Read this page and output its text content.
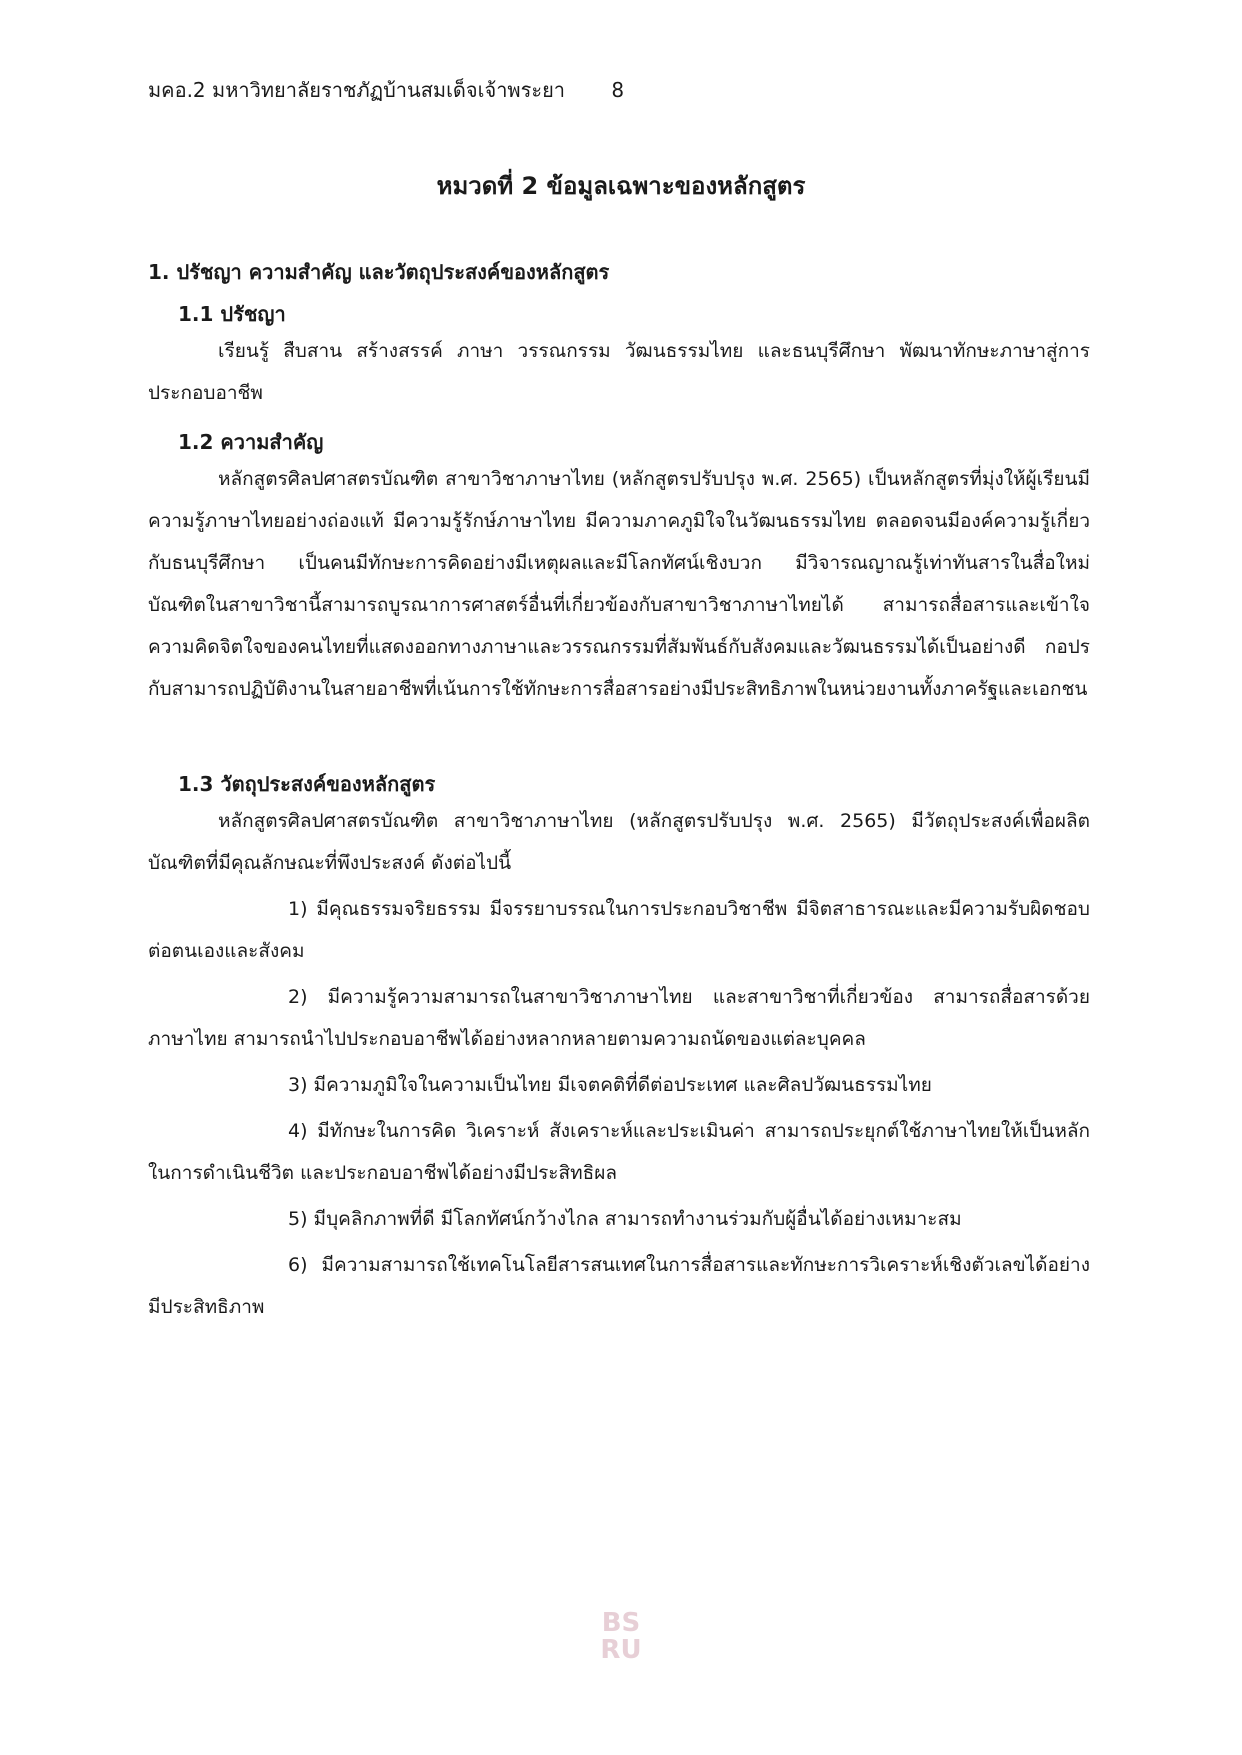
มคอ.2 มหาวิทยาลัยราชภัฏบ้านสมเด็จเจ้าพระยา 8
หมวดที่ 2 ข้อมูลเฉพาะของหลักสูตร
1. ปรัชญา ความสำคัญ และวัตถุประสงค์ของหลักสูตร
1.1 ปรัชญา
เรียนรู้ สืบสาน สร้างสรรค์ ภาษา วรรณกรรม วัฒนธรรมไทย และธนบุรีศึกษา พัฒนาทักษะภาษาสู่การประกอบอาชีพ
1.2 ความสำคัญ
หลักสูตรศิลปศาสตรบัณฑิต สาขาวิชาภาษาไทย (หลักสูตรปรับปรุง พ.ศ. 2565) เป็นหลักสูตรที่มุ่งให้ผู้เรียนมีความรู้ภาษาไทยอย่างถ่องแท้ มีความรู้รักษ์ภาษาไทย มีความภาคภูมิใจในวัฒนธรรมไทย ตลอดจนมีองค์ความรู้เกี่ยวกับธนบุรีศึกษา เป็นคนมีทักษะการคิดอย่างมีเหตุผลและมีโลกทัศน์เชิงบวก มีวิจารณญาณรู้เท่าทันสารในสื่อใหม่ บัณฑิตในสาขาวิชานี้สามารถบูรณาการศาสตร์อื่นที่เกี่ยวข้องกับสาขาวิชาภาษาไทยได้ สามารถสื่อสารและเข้าใจความคิดจิตใจของคนไทยที่แสดงออกทางภาษาและวรรณกรรมที่สัมพันธ์กับสังคมและวัฒนธรรมได้เป็นอย่างดี กอปรกับสามารถปฏิบัติงานในสายอาชีพที่เน้นการใช้ทักษะการสื่อสารอย่างมีประสิทธิภาพในหน่วยงานทั้งภาครัฐและเอกชน
1.3 วัตถุประสงค์ของหลักสูตร
หลักสูตรศิลปศาสตรบัณฑิต สาขาวิชาภาษาไทย (หลักสูตรปรับปรุง พ.ศ. 2565) มีวัตถุประสงค์เพื่อผลิตบัณฑิตที่มีคุณลักษณะที่พึงประสงค์ ดังต่อไปนี้
1) มีคุณธรรมจริยธรรม มีจรรยาบรรณในการประกอบวิชาชีพ มีจิตสาธารณะและมีความรับผิดชอบต่อตนเองและสังคม
2) มีความรู้ความสามารถในสาขาวิชาภาษาไทย และสาขาวิชาที่เกี่ยวข้อง สามารถสื่อสารด้วยภาษาไทย สามารถนำไปประกอบอาชีพได้อย่างหลากหลายตามความถนัดของแต่ละบุคคล
3) มีความภูมิใจในความเป็นไทย มีเจตคติที่ดีต่อประเทศ และศิลปวัฒนธรรมไทย
4) มีทักษะในการคิด วิเคราะห์ สังเคราะห์และประเมินค่า สามารถประยุกต์ใช้ภาษาไทยให้เป็นหลักในการดำเนินชีวิต และประกอบอาชีพได้อย่างมีประสิทธิผล
5) มีบุคลิกภาพที่ดี มีโลกทัศน์กว้างไกล สามารถทำงานร่วมกับผู้อื่นได้อย่างเหมาะสม
6) มีความสามารถใช้เทคโนโลยีสารสนเทศในการสื่อสารและทักษะการวิเคราะห์เชิงตัวเลขได้อย่างมีประสิทธิภาพ
BS
RU
